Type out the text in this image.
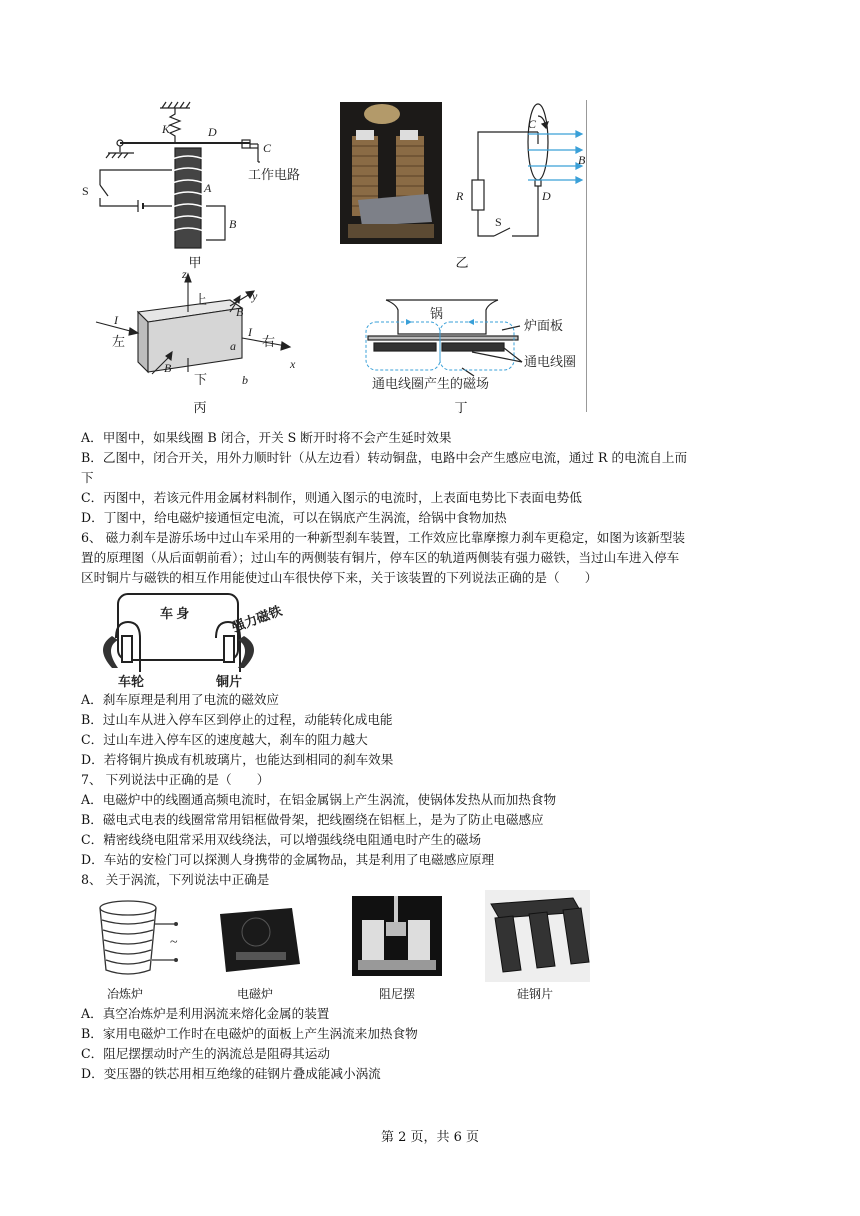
K	D
C
工作电路
S	A
B
甲
C
B
R	D
S
乙
z
上	y
B
I
左	a
I
右
x
B
下	b
丙
锅
炉面板
通电线圈
通电线圈产生的磁场
丁
A．甲图中，如果线圈 B 闭合，开关 S 断开时将不会产生延时效果
B．乙图中，闭合开关，用外力顺时针（从左边看）转动铜盘，电路中会产生感应电流，通过 R 的电流自上而
下
C．丙图中，若该元件用金属材料制作，则通入图示的电流时，上表面电势比下表面电势低
D．丁图中，给电磁炉接通恒定电流，可以在锅底产生涡流，给锅中食物加热
6、 磁力刹车是游乐场中过山车采用的一种新型刹车装置，工作效应比靠摩擦力刹车更稳定，如图为该新型装
置的原理图（从后面朝前看）；过山车的两侧装有铜片，停车区的轨道两侧装有强力磁铁，当过山车进入停车
区时铜片与磁铁的相互作用能使过山车很快停下来，关于该装置的下列说法正确的是（　　）
车 身	强力磁铁
车轮	铜片
A．刹车原理是利用了电流的磁效应
B．过山车从进入停车区到停止的过程，动能转化成电能
C．过山车进入停车区的速度越大，刹车的阻力越大
D．若将铜片换成有机玻璃片，也能达到相同的刹车效果
7、 下列说法中正确的是（　　）
A．电磁炉中的线圈通高频电流时，在铝金属锅上产生涡流，使锅体发热从而加热食物
B．磁电式电表的线圈常常用铝框做骨架，把线圈绕在铝框上，是为了防止电磁感应
C．精密线绕电阻常采用双线绕法，可以增强线绕电阻通电时产生的磁场
D．车站的安检门可以探测人身携带的金属物品，其是利用了电磁感应原理
8、 关于涡流，下列说法中正确是
~
冶炼炉	电磁炉	阻尼摆	硅钢片
A．真空冶炼炉是利用涡流来熔化金属的装置
B．家用电磁炉工作时在电磁炉的面板上产生涡流来加热食物
C．阻尼摆摆动时产生的涡流总是阻碍其运动
D．变压器的铁芯用相互绝缘的硅钢片叠成能减小涡流
第 2 页，共 6 页
